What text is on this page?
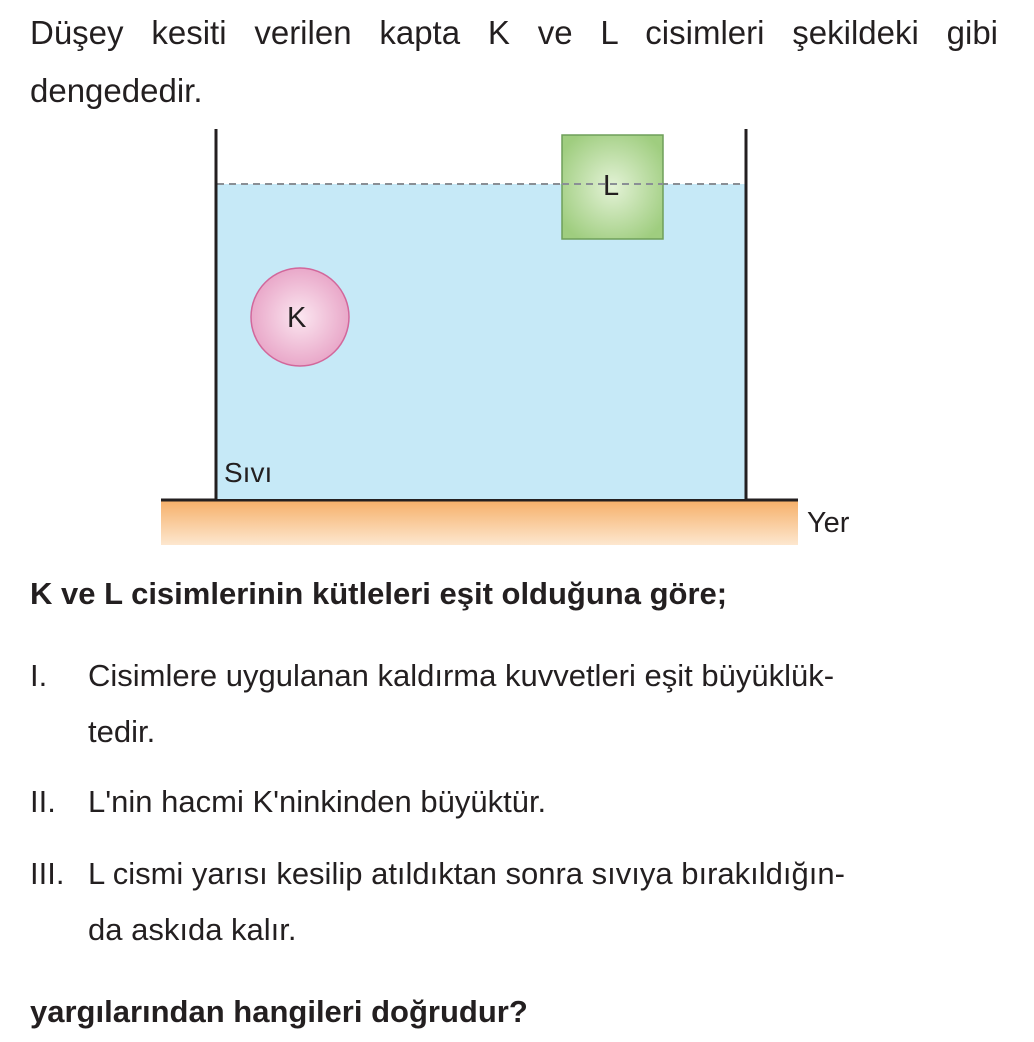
Düşey kesiti verilen kapta K ve L cisimleri şekildeki gibi dengededir.

K
L
Sıvı
Yer

K ve L cisimlerinin kütleleri eşit olduğuna göre;

I. Cisimlere uygulanan kaldırma kuvvetleri eşit büyüklük-
tedir.
II. L'nin hacmi K'ninkinden büyüktür.
III. L cismi yarısı kesilip atıldıktan sonra sıvıya bırakıldığın-
da askıda kalır.

yargılarından hangileri doğrudur?
